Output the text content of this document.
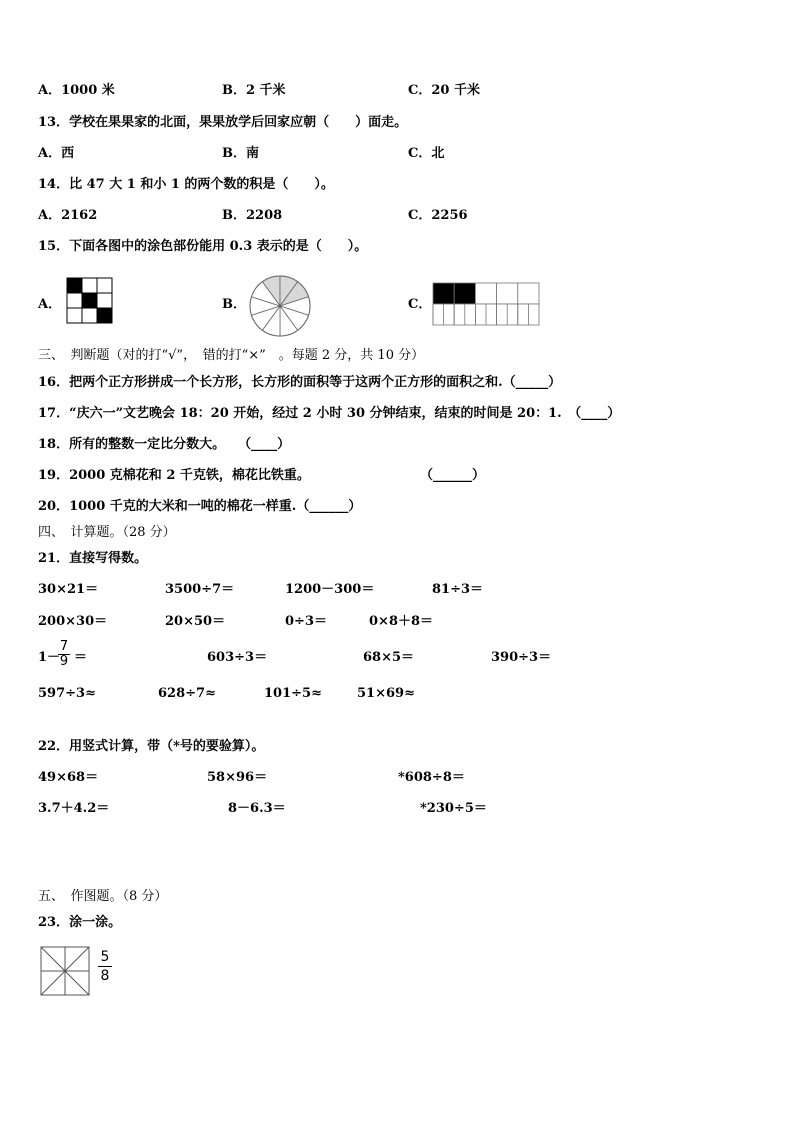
A．1000 米	B．2 千米	C．20 千米
13．学校在果果家的北面，果果放学后回家应朝（　　）面走。
A．西	B．南	C．北
14．比 47 大 1 和小 1 的两个数的积是（　　）。
A．2162	B．2208	C．2256
15．下面各图中的涂色部份能用 0.3 表示的是（　　）。
A．	B．	C．
三、　判断题（对的打“√”，　错的打“×”　。每题 2 分，共 10 分）
16．把两个正方形拼成一个长方形，长方形的面积等于这两个正方形的面积之和.（_____）
17．“庆六一”文艺晚会 18：20 开始，经过 2 小时 30 分钟结束，结束的时间是 20：1.　（____）
18．所有的整数一定比分数大。　　（____）
19．2000 克棉花和 2 千克铁，棉花比铁重。	（______）
20．1000 千克的大米和一吨的棉花一样重.（______）
四、　计算题。（28 分）
21．直接写得数。
30×21＝	3500÷7＝	1200－300＝	81÷3＝
200×30＝	20×50＝	0÷3＝	0×8＋8＝
1－
$\frac{7}{9}$ ＝	603÷3＝	68×5＝	390÷3＝
597÷3≈	628÷7≈	101÷5≈	51×69≈
22．用竖式计算，带（*号的要验算）。
49×68＝	58×96＝	*608÷8＝
3.7＋4.2＝	8－6.3＝	*230÷5＝
五、　作图题。（8 分）
23．涂一涂。
$\frac{5}{8}$
